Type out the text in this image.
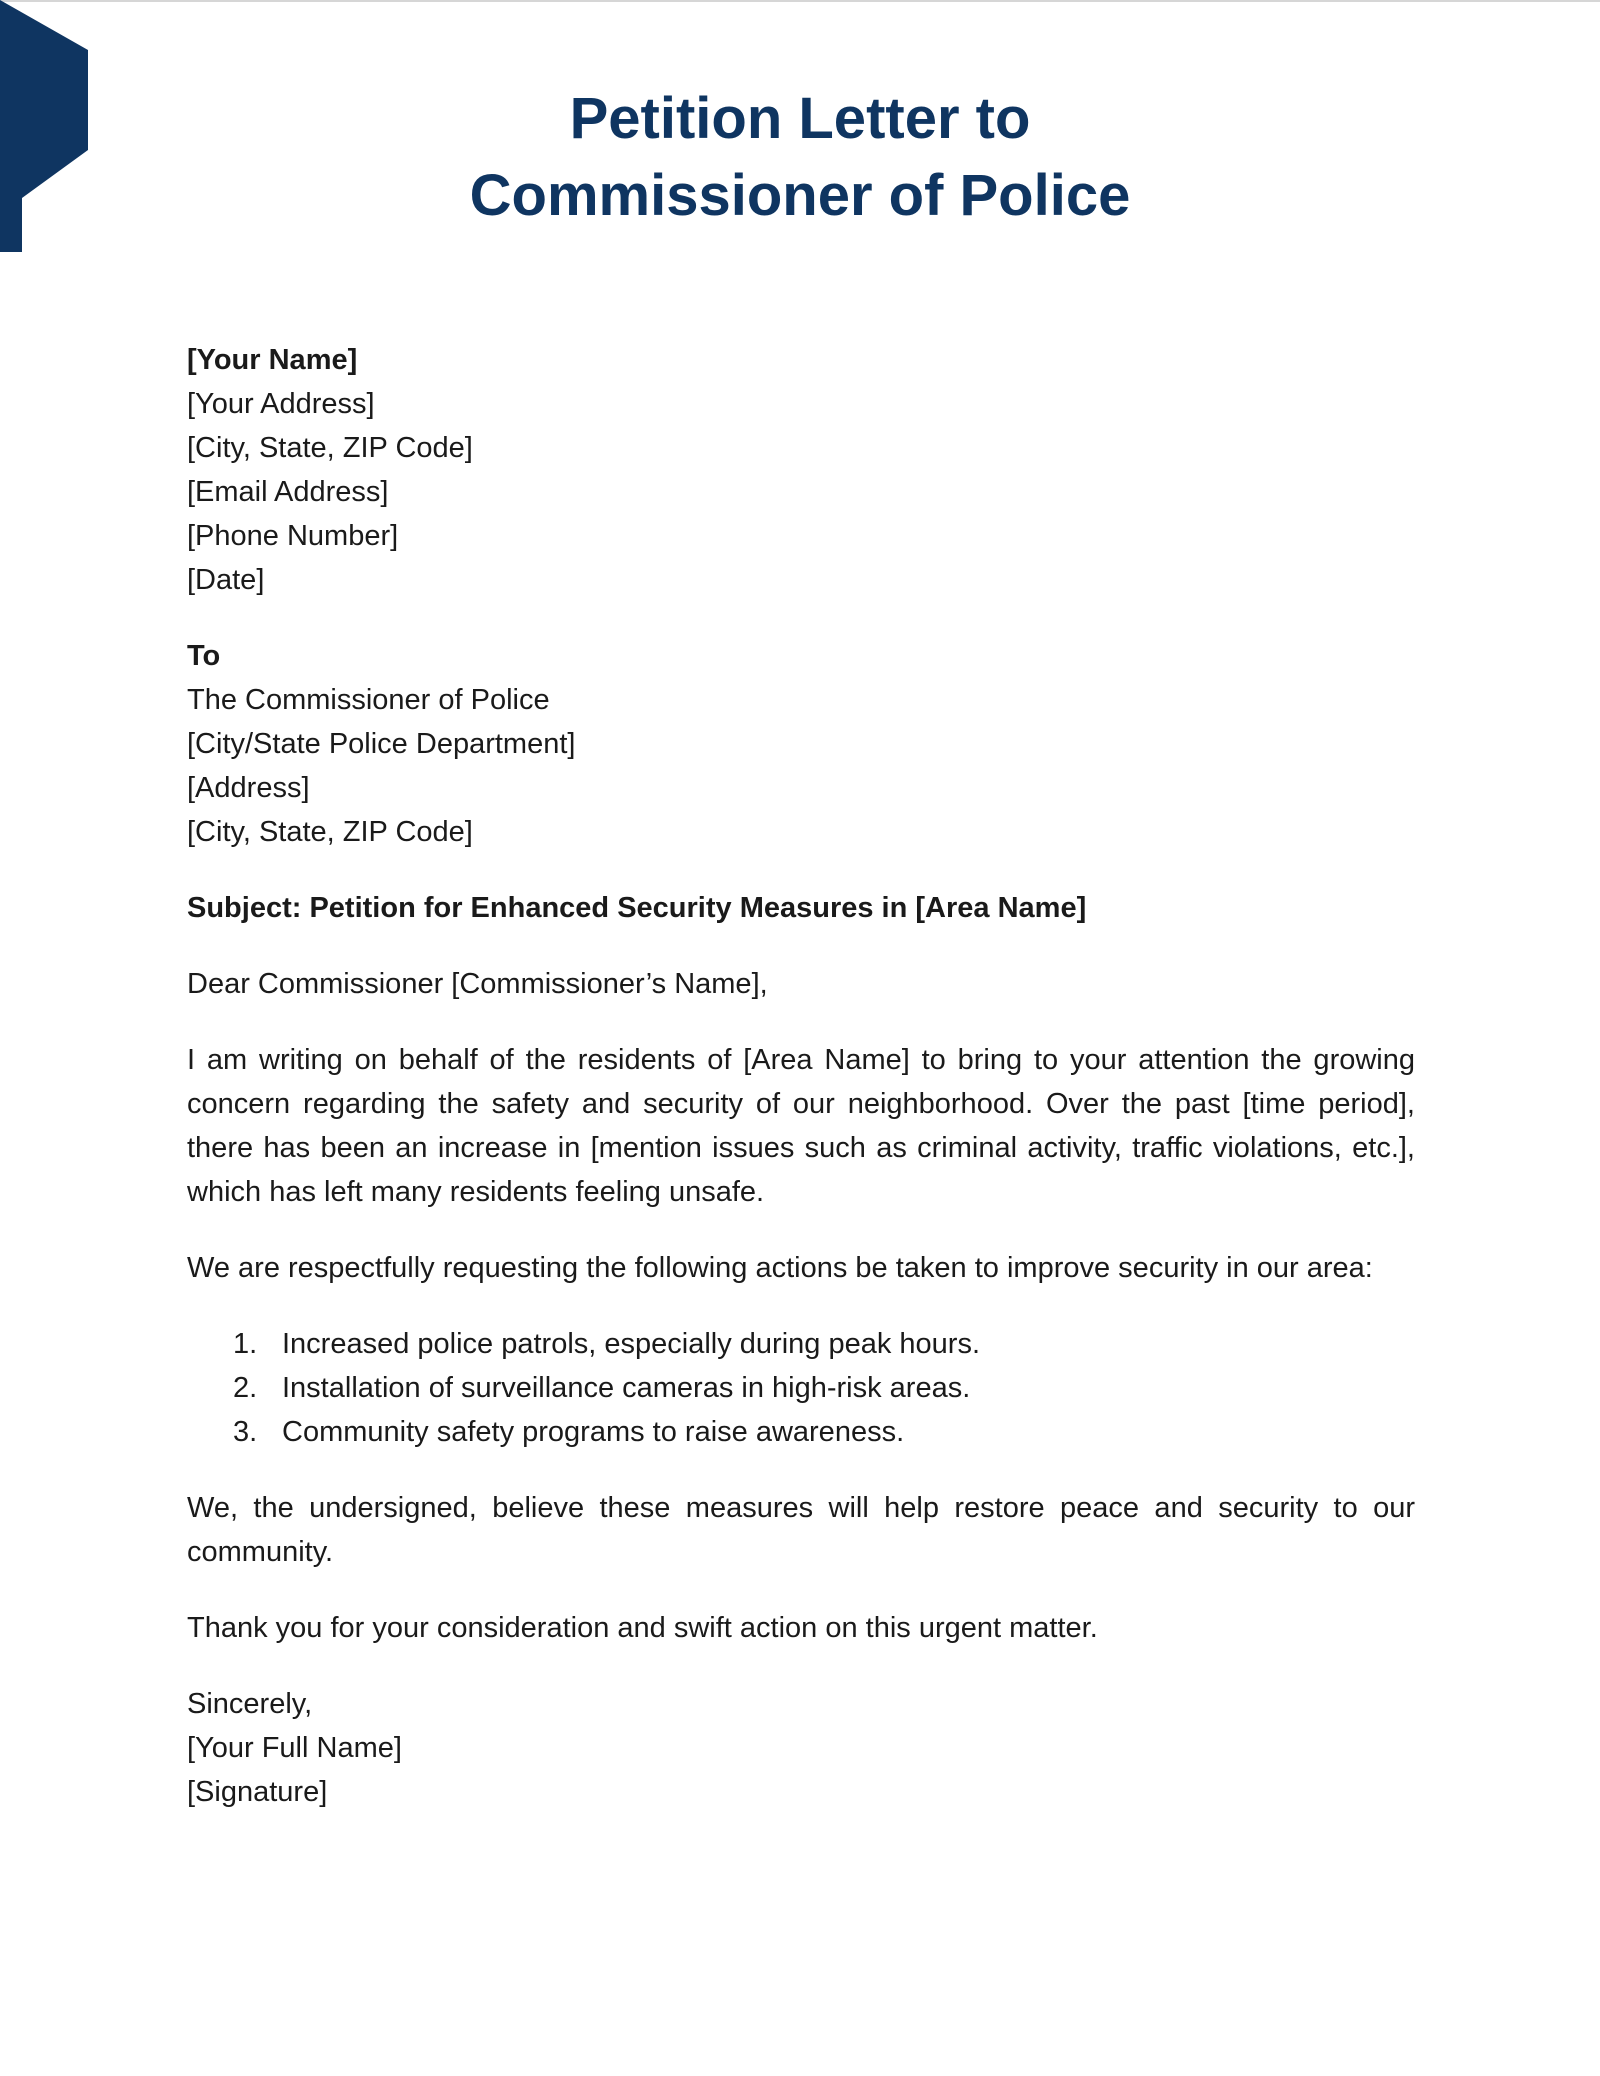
Petition Letter to
Commissioner of Police
[Your Name]
[Your Address]
[City, State, ZIP Code]
[Email Address]
[Phone Number]
[Date]
To
The Commissioner of Police
[City/State Police Department]
[Address]
[City, State, ZIP Code]
Subject: Petition for Enhanced Security Measures in [Area Name]
Dear Commissioner [Commissioner’s Name],

I am writing on behalf of the residents of [Area Name] to bring to your attention the growing concern regarding the safety and security of our neighborhood. Over the past [time period], there has been an increase in [mention issues such as criminal activity, traffic violations, etc.], which has left many residents feeling unsafe.

We are respectfully requesting the following actions be taken to improve security in our area:

1. Increased police patrols, especially during peak hours.
2. Installation of surveillance cameras in high-risk areas.
3. Community safety programs to raise awareness.

We, the undersigned, believe these measures will help restore peace and security to our community.

Thank you for your consideration and swift action on this urgent matter.

Sincerely,
[Your Full Name]
[Signature]
